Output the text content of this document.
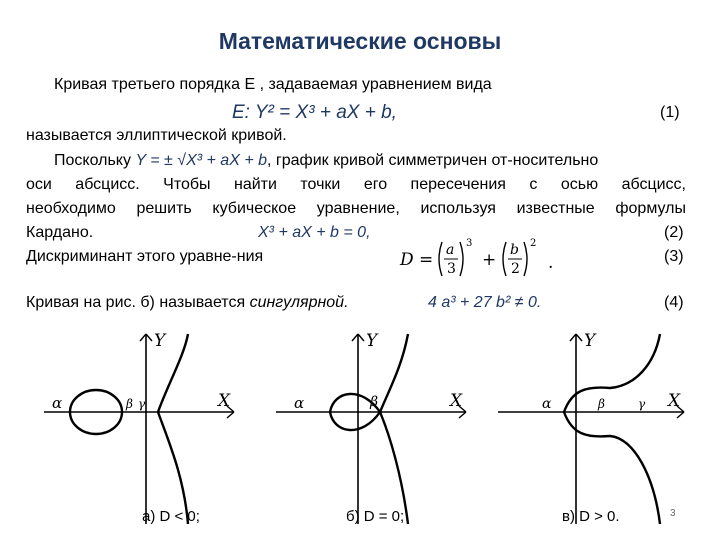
Математические основы
Кривая третьего порядка E , задаваемая уравнением вида
E: Y² = X³ + aX + b,	(1)
называется эллиптической кривой.
Поскольку Y = ± √X³ + aX + b, график кривой симметричен от-носительно
оси абсцисс. Чтобы найти точки его пересечения с осью абсцисс,
необходимо решить кубическое уравнение, используя известные формулы
Кардано.	X³ + aX + b = 0,	(2)
Дискриминант этого уравне-ния	D = a
3
3
+ b
2
2
.	(3)
Кривая на рис. б) называется сингулярной.	4 a³ + 27 b² ≠ 0.	(4)
Y
X
α	β γ
a) D < 0;
Y
X
α	β
б) D = 0;
Y
X
α	β	γ
в) D > 0.	3
